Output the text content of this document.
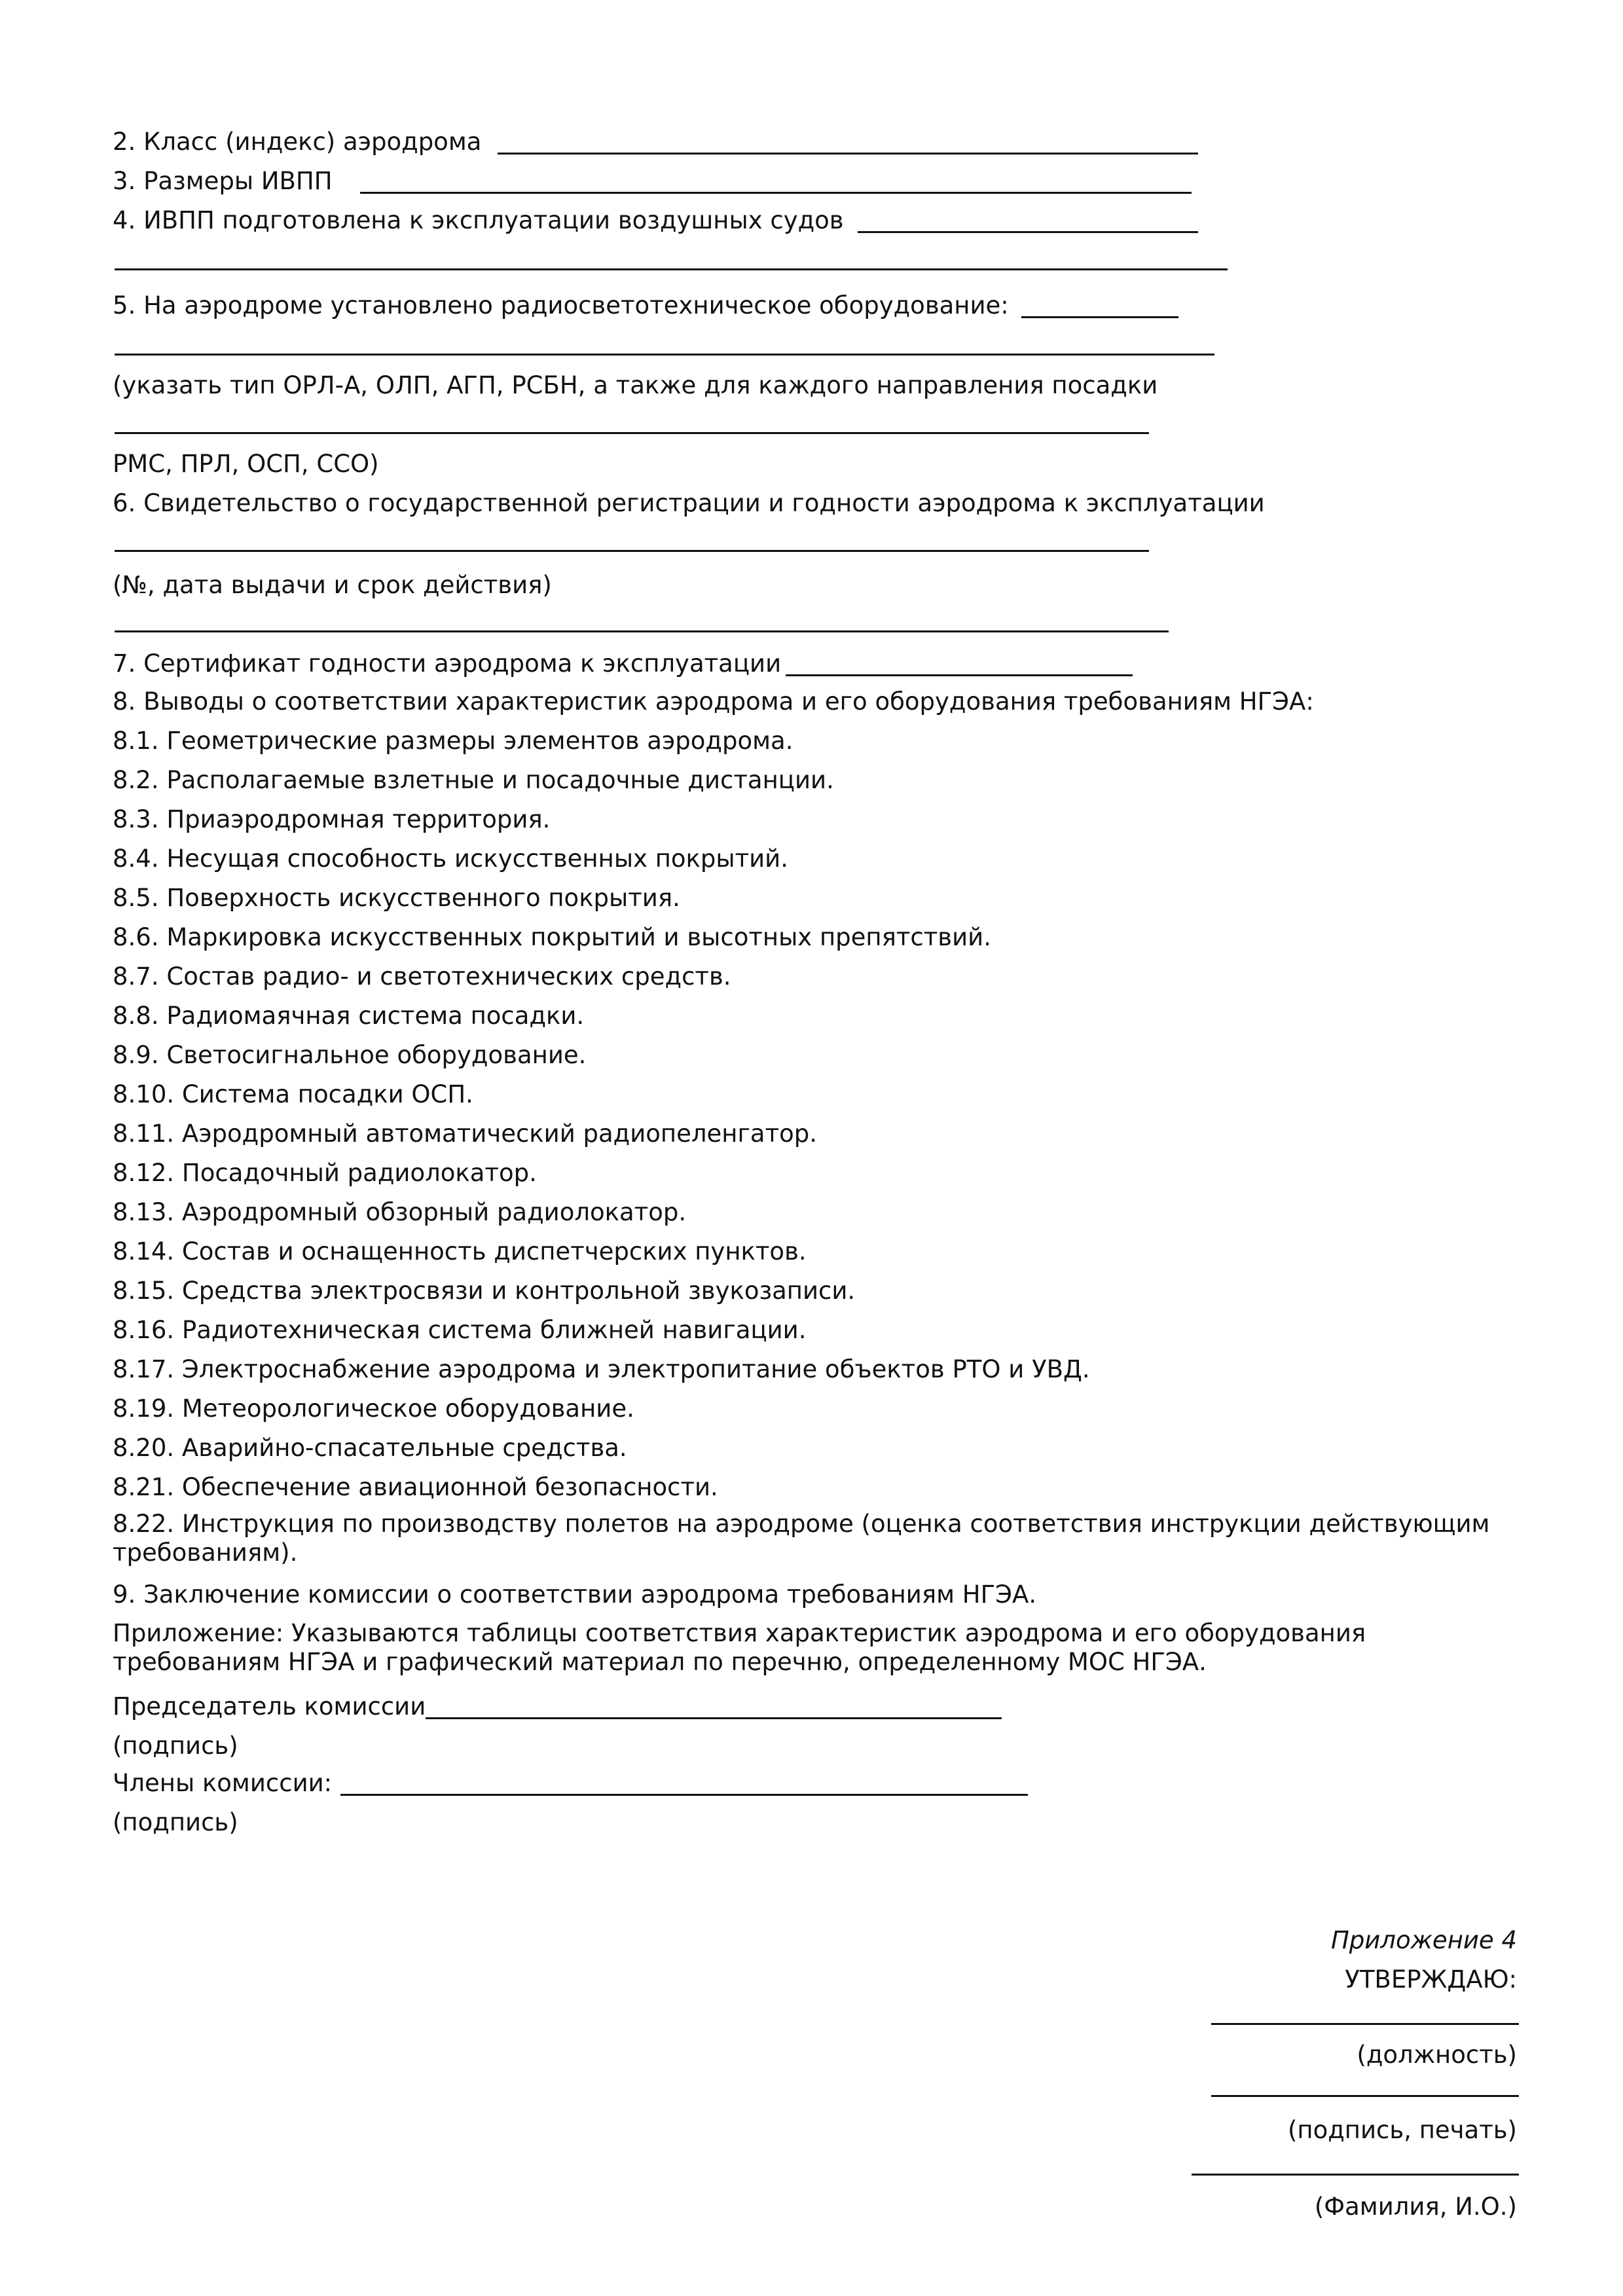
2. Класс (индекс) аэродрома
3. Размеры ИВПП
4. ИВПП подготовлена к эксплуатации воздушных судов
5. На аэродроме установлено радиосветотехническое оборудование:
(указать тип ОРЛ-А, ОЛП, АГП, РСБН, а также для каждого направления посадки
РМС, ПРЛ, ОСП, ССО)
6. Свидетельство о государственной регистрации и годности аэродрома к эксплуатации
(№, дата выдачи и срок действия)
7. Сертификат годности аэродрома к эксплуатации
8. Выводы о соответствии характеристик аэродрома и его оборудования требованиям НГЭА:
8.1. Геометрические размеры элементов аэродрома.
8.2. Располагаемые взлетные и посадочные дистанции.
8.3. Приаэродромная территория.
8.4. Несущая способность искусственных покрытий.
8.5. Поверхность искусственного покрытия.
8.6. Маркировка искусственных покрытий и высотных препятствий.
8.7. Состав радио- и светотехнических средств.
8.8. Радиомаячная система посадки.
8.9. Светосигнальное оборудование.
8.10. Система посадки ОСП.
8.11. Аэродромный автоматический радиопеленгатор.
8.12. Посадочный радиолокатор.
8.13. Аэродромный обзорный радиолокатор.
8.14. Состав и оснащенность диспетчерских пунктов.
8.15. Средства электросвязи и контрольной звукозаписи.
8.16. Радиотехническая система ближней навигации.
8.17. Электроснабжение аэродрома и электропитание объектов РТО и УВД.
8.19. Метеорологическое оборудование.
8.20. Аварийно-спасательные средства.
8.21. Обеспечение авиационной безопасности.
8.22. Инструкция по производству полетов на аэродроме (оценка соответствия инструкции действующим требованиям).
9. Заключение комиссии о соответствии аэродрома требованиям НГЭА.
Приложение: Указываются таблицы соответствия характеристик аэродрома и его оборудования требованиям НГЭА и графический материал по перечню, определенному МОС НГЭА.
Председатель комиссии
(подпись)
Члены комиссии:
(подпись)
Приложение 4
УТВЕРЖДАЮ:
(должность)
(подпись, печать)
(Фамилия, И.О.)
